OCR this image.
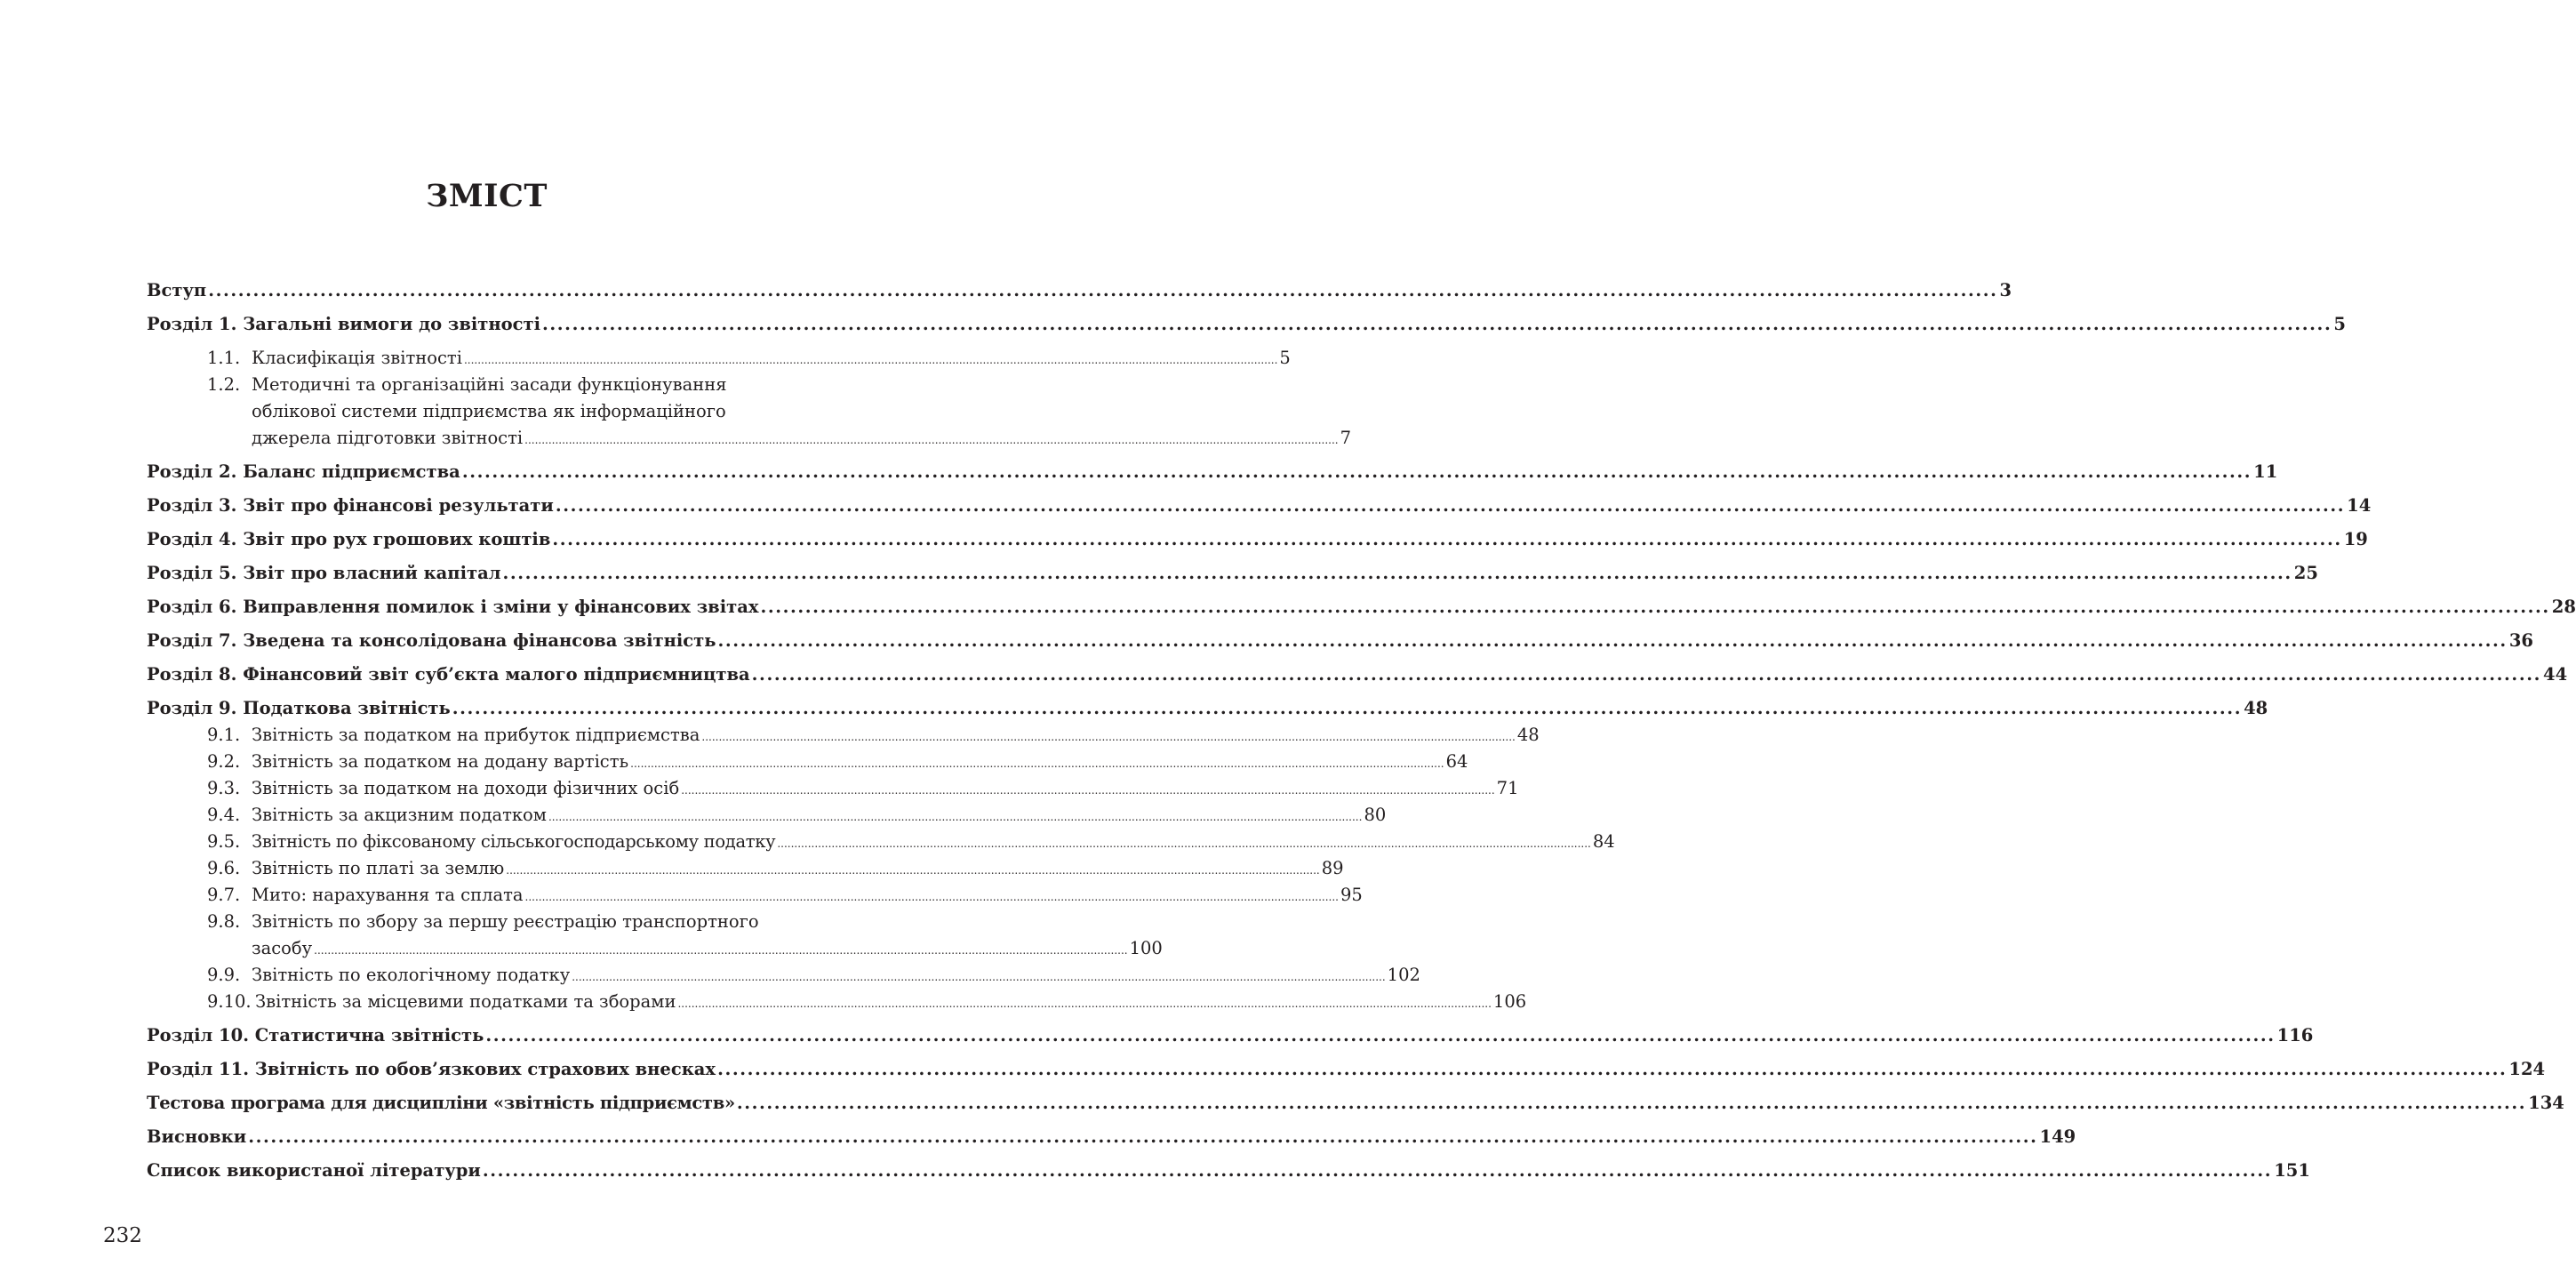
ЗМІСТ
Вступ .....	3
Розділ 1. Загальні вимоги до звітності .....	5
1.1. Класифікація звітності .....	5
1.2. Методичні та організаційні засади функціонування
облікової системи підприємства як інформаційного
джерела підготовки звітності .....	7
Розділ 2. Баланс підприємства .....	11
Розділ 3. Звіт про фінансові результати .....	14
Розділ 4. Звіт про рух грошових коштів .....	19
Розділ 5. Звіт про власний капітал .....	25
Розділ 6. Виправлення помилок і зміни у фінансових звітах .....	28
Розділ 7. Зведена та консолідована фінансова звітність .....	36
Розділ 8. Фінансовий звіт суб’єкта малого підприємництва .....	44
Розділ 9. Податкова звітність .....	48
9.1. Звітність за податком на прибуток підприємства .....	48
9.2. Звітність за податком на додану вартість .....	64
9.3. Звітність за податком на доходи фізичних осіб .....	71
9.4. Звітність за акцизним податком .....	80
9.5. Звітність по фіксованому сільськогосподарському податку .....	84
9.6. Звітність по платі за землю .....	89
9.7. Мито: нарахування та сплата .....	95
9.8. Звітність по збору за першу реєстрацію транспортного
засобу .....	100
9.9. Звітність по екологічному податку .....	102
9.10. Звітність за місцевими податками та зборами .....	106
Розділ 10. Статистична звітність .....	116
Розділ 11. Звітність по обов’язкових страхових внесках .....	124
Тестова програма для дисципліни «звітність підприємств» .....	134
Висновки .....	149
Список використаної літератури .....	151
232
